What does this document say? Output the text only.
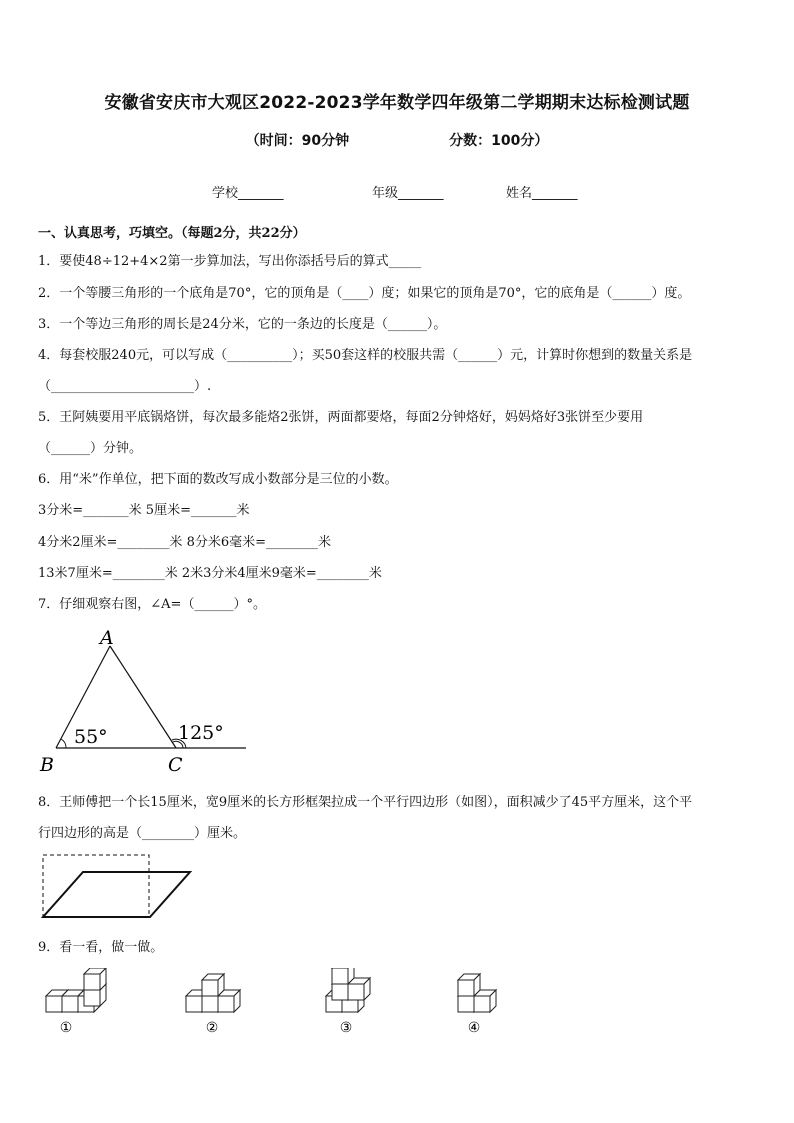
安徽省安庆市大观区2022-2023学年数学四年级第二学期期末达标检测试题
（时间：90分钟	分数：100分）
学校_______	年级_______	姓名_______
一、认真思考，巧填空。（每题2分，共22分）
1．要使48÷12+4×2第一步算加法，写出你添括号后的算式_____
2．一个等腰三角形的一个底角是70°，它的顶角是（____）度；如果它的顶角是70°，它的底角是（______）度。
3．一个等边三角形的周长是24分米，它的一条边的长度是（______）。
4．每套校服240元，可以写成（__________）；买50套这样的校服共需（______）元，计算时你想到的数量关系是
（______________________）.
5．王阿姨要用平底锅烙饼，每次最多能烙2张饼，两面都要烙，每面2分钟烙好，妈妈烙好3张饼至少要用
（______）分钟。
6．用“米”作单位，把下面的数改写成小数部分是三位的小数。
3分米=_______米 5厘米=_______米
4分米2厘米=________米 8分米6毫米=________米
13米7厘米=________米 2米3分米4厘米9毫米=________米
7．仔细观察右图，∠A=（______）°。
A
B	C
55°	125°
8．王师傅把一个长15厘米，宽9厘米的长方形框架拉成一个平行四边形（如图），面积减少了45平方厘米，这个平
行四边形的高是（________）厘米。
9．看一看，做一做。
①	②	③	④
